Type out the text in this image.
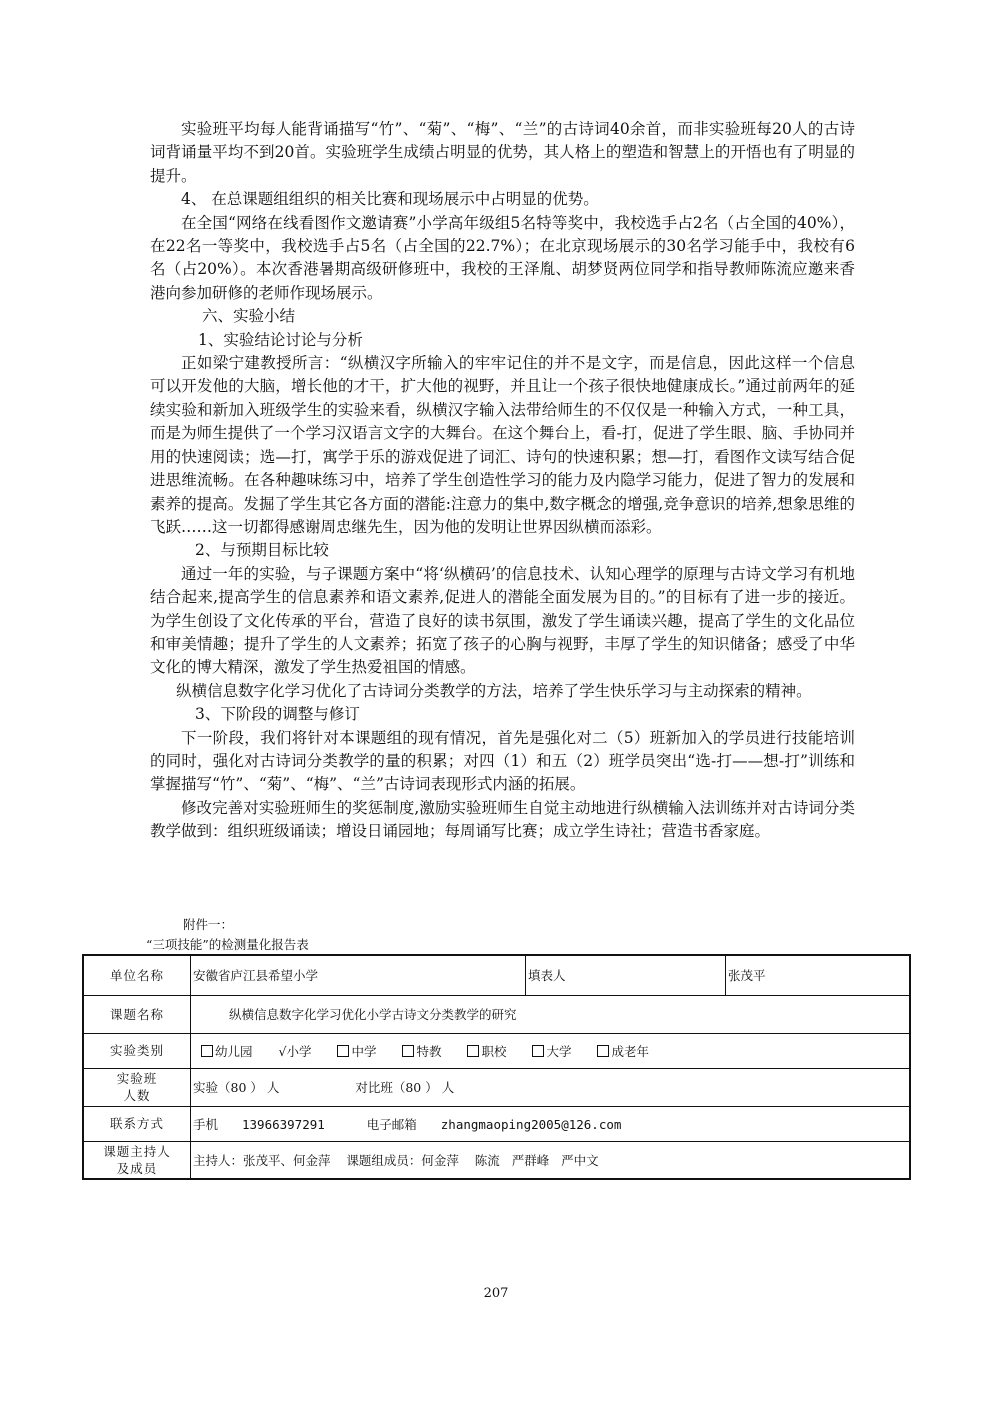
实验班平均每人能背诵描写“竹”、“菊”、“梅”、“兰”的古诗词40余首，而非实验班每20人的古诗词背诵量平均不到20首。实验班学生成绩占明显的优势，其人格上的塑造和智慧上的开悟也有了明显的提升。

4、 在总课题组组织的相关比赛和现场展示中占明显的优势。

在全国“网络在线看图作文邀请赛”小学高年级组5名特等奖中，我校选手占2名（占全国的40%），在22名一等奖中，我校选手占5名（占全国的22.7%）；在北京现场展示的30名学习能手中，我校有6名（占20%）。本次香港暑期高级研修班中，我校的王泽胤、胡梦贤两位同学和指导教师陈流应邀来香港向参加研修的老师作现场展示。

六、实验小结

1、实验结论讨论与分析

正如梁宁建教授所言：“纵横汉字所输入的牢牢记住的并不是文字，而是信息，因此这样一个信息可以开发他的大脑，增长他的才干，扩大他的视野，并且让一个孩子很快地健康成长。”通过前两年的延续实验和新加入班级学生的实验来看，纵横汉字输入法带给师生的不仅仅是一种输入方式，一种工具，而是为师生提供了一个学习汉语言文字的大舞台。在这个舞台上，看-打，促进了学生眼、脑、手协同并用的快速阅读；选—打，寓学于乐的游戏促进了词汇、诗句的快速积累；想—打，看图作文读写结合促进思维流畅。在各种趣味练习中，培养了学生创造性学习的能力及内隐学习能力，促进了智力的发展和素养的提高。发掘了学生其它各方面的潜能:注意力的集中,数字概念的增强,竞争意识的培养,想象思维的飞跃……这一切都得感谢周忠继先生，因为他的发明让世界因纵横而添彩。

2、与预期目标比较

通过一年的实验，与子课题方案中“将‘纵横码’的信息技术、认知心理学的原理与古诗文学习有机地结合起来,提高学生的信息素养和语文素养,促进人的潜能全面发展为目的。”的目标有了进一步的接近。为学生创设了文化传承的平台，营造了良好的读书氛围，激发了学生诵读兴趣，提高了学生的文化品位和审美情趣；提升了学生的人文素养；拓宽了孩子的心胸与视野，丰厚了学生的知识储备；感受了中华文化的博大精深，激发了学生热爱祖国的情感。

纵横信息数字化学习优化了古诗词分类教学的方法，培养了学生快乐学习与主动探索的精神。

3、下阶段的调整与修订

下一阶段，我们将针对本课题组的现有情况，首先是强化对二（5）班新加入的学员进行技能培训的同时，强化对古诗词分类教学的量的积累；对四（1）和五（2）班学员突出“选-打——想-打”训练和掌握描写“竹”、“菊”、“梅”、“兰”古诗词表现形式内涵的拓展。

修改完善对实验班师生的奖惩制度,激励实验班师生自觉主动地进行纵横输入法训练并对古诗词分类教学做到：组织班级诵读；增设日诵园地；每周诵写比赛；成立学生诗社；营造书香家庭。

附件一：
“三项技能”的检测量化报告表
单位名称	安徽省庐江县希望小学	填表人	张茂平
课题名称	纵横信息数字化学习优化小学古诗文分类教学的研究		
实验类别	幼儿园 √小学 中学 特教 职校 大学 成老年		

实验班
人数	实验（80 ） 人 对比班（80 ） 人		
联系方式	手机 13966397291 电子邮箱 zhangmaoping2005@126.com		

课题主持人
及成员	主持人：张茂平、何金萍    课题组成员：何金萍    陈流   严群峰   严中文		
207
